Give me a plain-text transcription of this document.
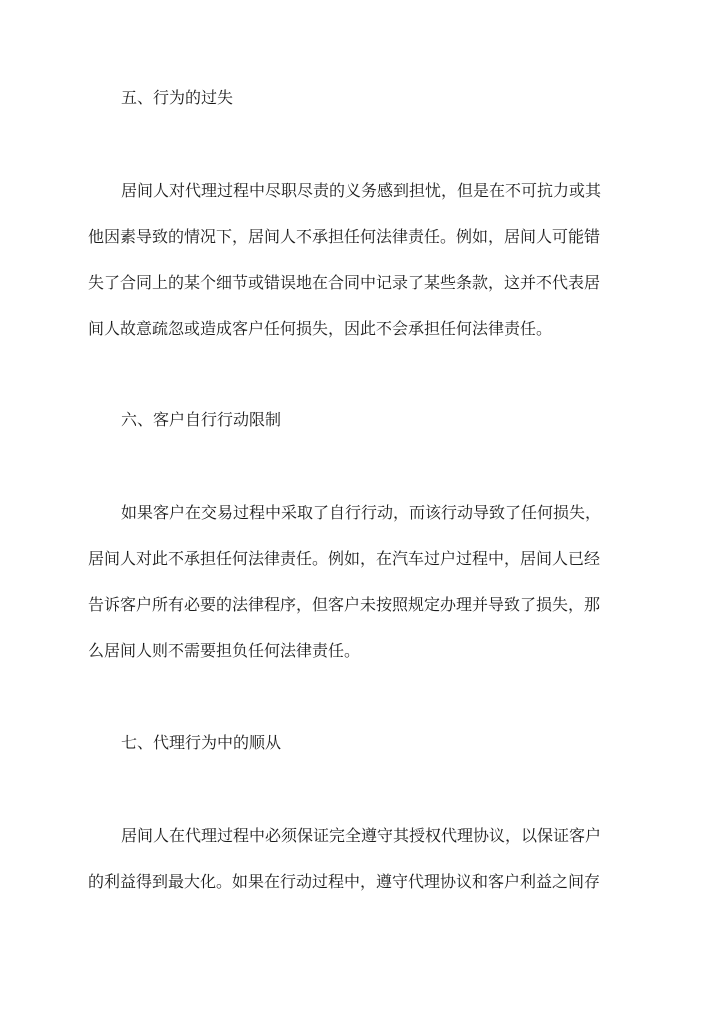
五、行为的过失
居间人对代理过程中尽职尽责的义务感到担忧，但是在不可抗力或其
他因素导致的情况下，居间人不承担任何法律责任。例如，居间人可能错
失了合同上的某个细节或错误地在合同中记录了某些条款，这并不代表居
间人故意疏忽或造成客户任何损失，因此不会承担任何法律责任。
六、客户自行行动限制
如果客户在交易过程中采取了自行行动，而该行动导致了任何损失，
居间人对此不承担任何法律责任。例如，在汽车过户过程中，居间人已经
告诉客户所有必要的法律程序，但客户未按照规定办理并导致了损失，那
么居间人则不需要担负任何法律责任。
七、代理行为中的顺从
居间人在代理过程中必须保证完全遵守其授权代理协议，以保证客户
的利益得到最大化。如果在行动过程中，遵守代理协议和客户利益之间存
